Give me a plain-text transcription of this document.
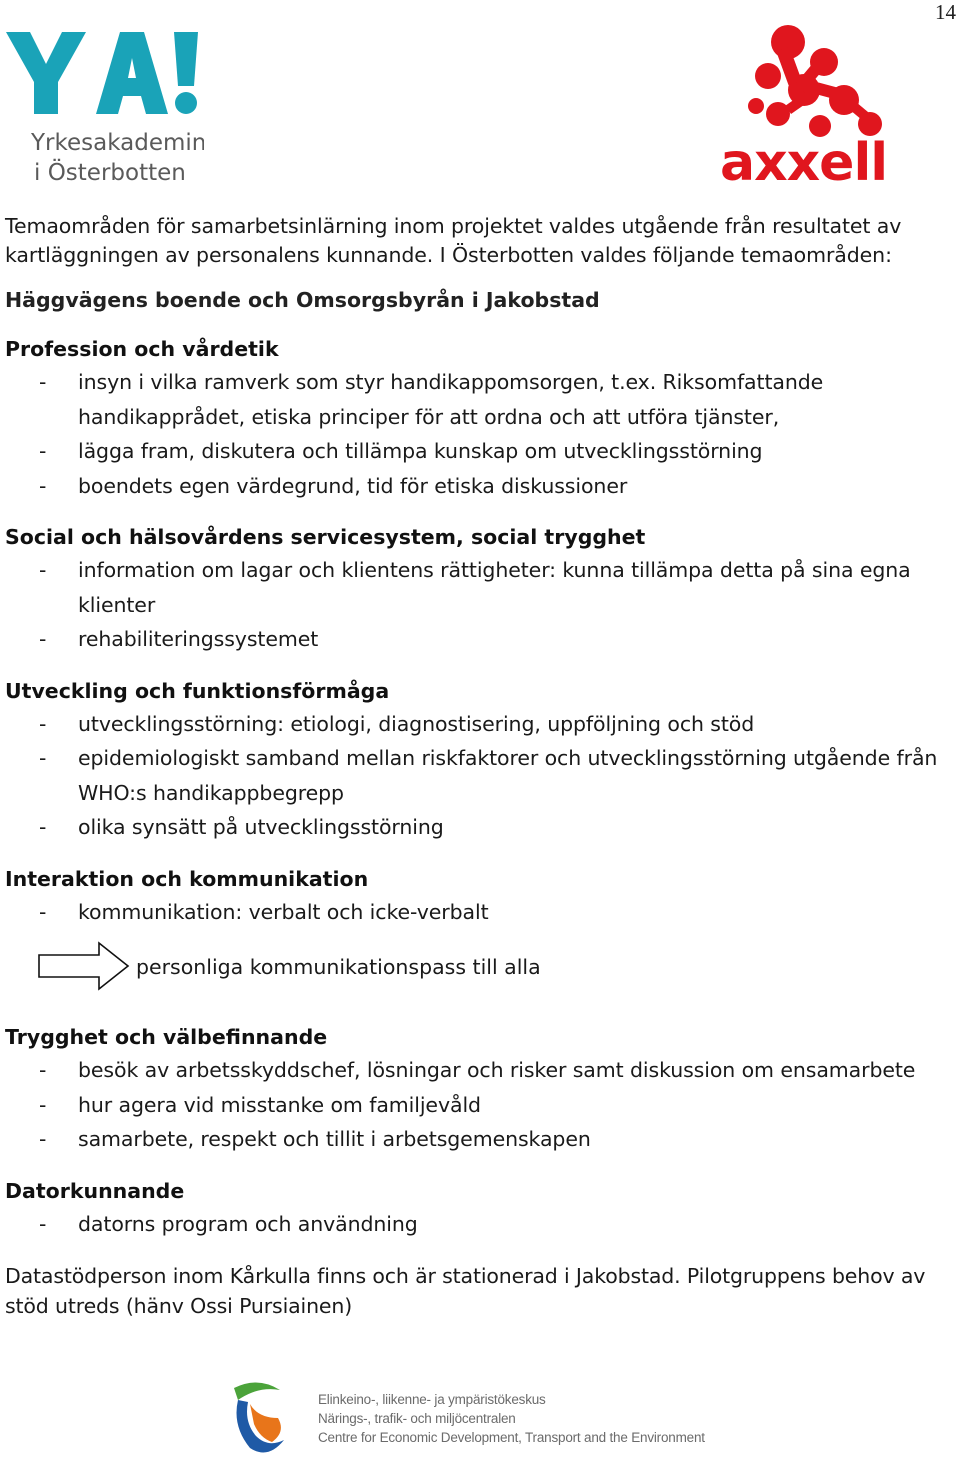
14
Yrkesakademin
i Österbotten	axxell

Temaområden för samarbetsinlärning inom projektet valdes utgående från resultatet av kartläggningen av personalens kunnande. I Österbotten valdes följande temaområden:

Häggvägens boende och Omsorgsbyrån i Jakobstad

Profession och vårdetik
- insyn i vilka ramverk som styr handikappomsorgen, t.ex. Riksomfattande handikapprådet, etiska principer för att ordna och att utföra tjänster,
- lägga fram, diskutera och tillämpa kunskap om utvecklingsstörning
- boendets egen värdegrund, tid för etiska diskussioner
Social och hälsovårdens servicesystem, social trygghet
- information om lagar och klientens rättigheter: kunna tillämpa detta på sina egna klienter
- rehabiliteringssystemet
Utveckling och funktionsförmåga
- utvecklingsstörning: etiologi, diagnostisering, uppföljning och stöd
- epidemiologiskt samband mellan riskfaktorer och utvecklingsstörning utgående från WHO:s handikappbegrepp
- olika synsätt på utvecklingsstörning
Interaktion och kommunikation
- kommunikation: verbalt och icke-verbalt
personliga kommunikationspass till alla
Trygghet och välbefinnande
- besök av arbetsskyddschef, lösningar och risker samt diskussion om ensamarbete
- hur agera vid misstanke om familjevåld
- samarbete, respekt och tillit i arbetsgemenskapen
Datorkunnande
- datorns program och användning

Datastödperson inom Kårkulla finns och är stationerad i Jakobstad. Pilotgruppens behov av stöd utreds (hänv Ossi Pursiainen)

Elinkeino-, liikenne- ja ympäristökeskus
Närings-, trafik- och miljöcentralen
Centre for Economic Development, Transport and the Environment
